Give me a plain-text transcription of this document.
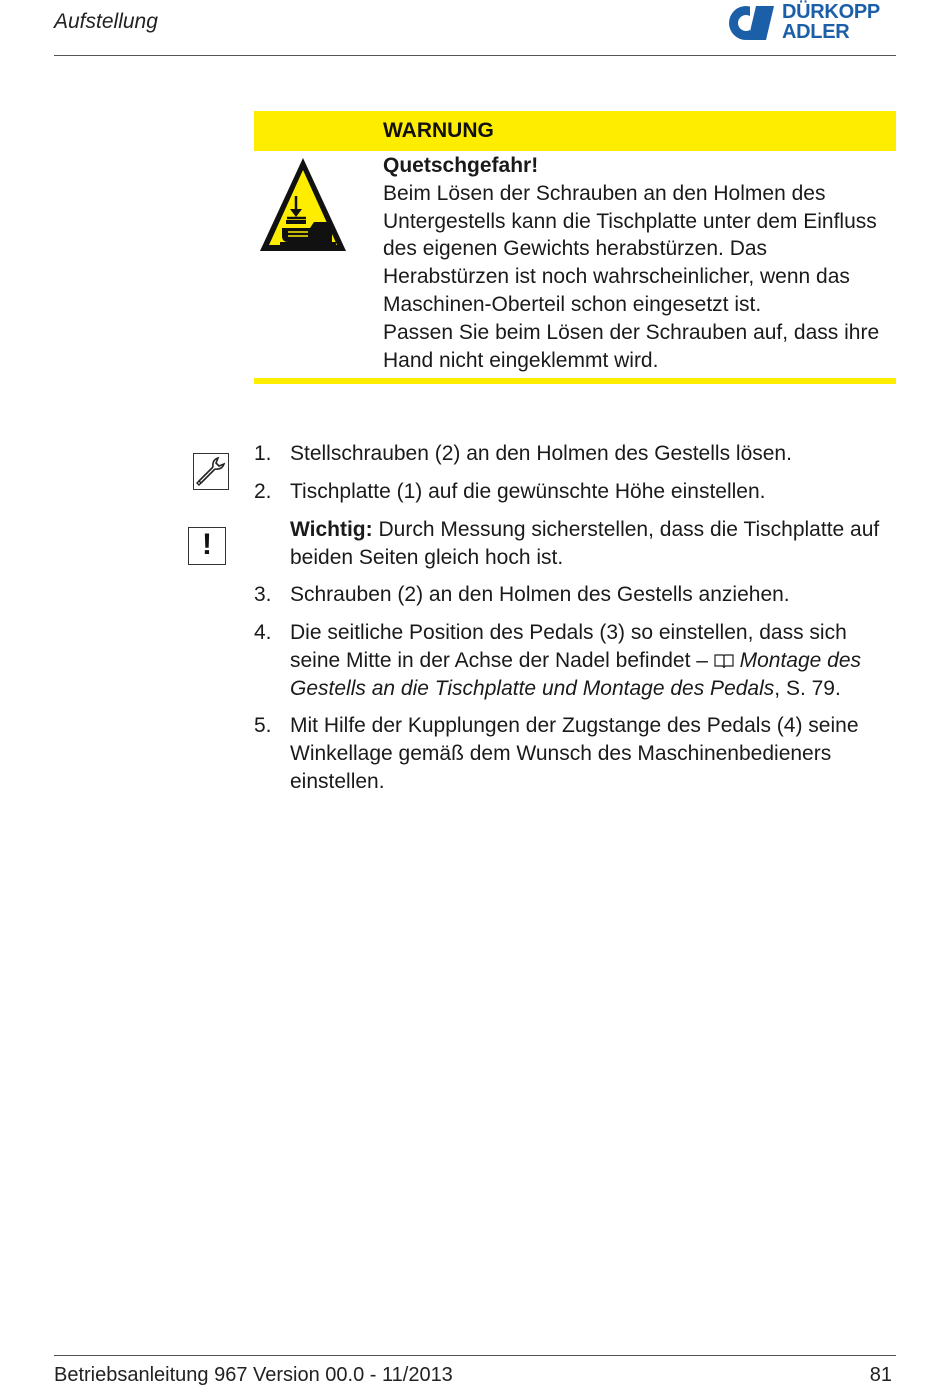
Aufstellung	DÜRKOPP
ADLER
WARNUNG

Quetschgefahr!

Beim Lösen der Schrauben an den Holmen des Untergestells kann die Tischplatte unter dem Einfluss des eigenen Gewichts herabstürzen. Das Herabstürzen ist noch wahrscheinlicher, wenn das Maschinen-Oberteil schon eingesetzt ist.

Passen Sie beim Lösen der Schrauben auf, dass ihre Hand nicht eingeklemmt wird.

!
1. Stellschrauben (2) an den Holmen des Gestells lösen.
2. Tischplatte (1) auf die gewünschte Höhe einstellen.
Wichtig: Durch Messung sicherstellen, dass die Tischplatte auf beiden Seiten gleich hoch ist.
3. Schrauben (2) an den Holmen des Gestells anziehen.
4. Die seitliche Position des Pedals (3) so einstellen, dass sich seine Mitte in der Achse der Nadel befindet – Montage des Gestells an die Tischplatte und Montage des Pedals, S. 79.
5. Mit Hilfe der Kupplungen der Zugstange des Pedals (4) seine Winkellage gemäß dem Wunsch des Maschinenbedieners einstellen.
Betriebsanleitung 967 Version 00.0 - 11/2013	81
